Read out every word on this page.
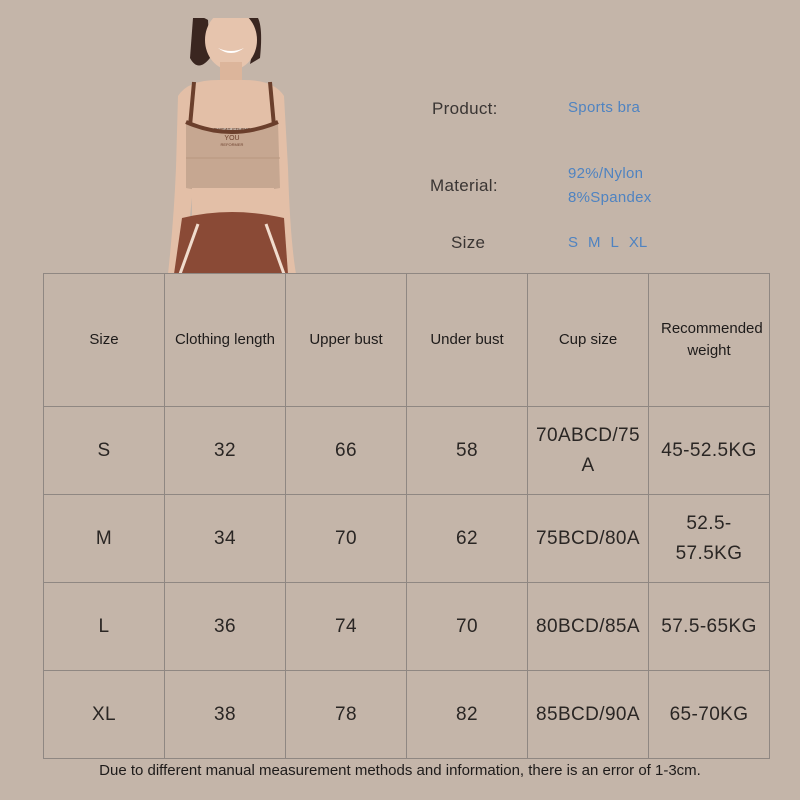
SWEAT STUDIO
YOU
REFORMER
Product:	Sports bra
Material:
92%/Nylon
8%Spandex
Size	S M L XL
Size	Clothing length	Upper bust	Under bust	Cup size	Recommended weight
S	32	66	58	70ABCD/75A	45-52.5KG
M	34	70	62	75BCD/80A	52.5-57.5KG
L	36	74	70	80BCD/85A	57.5-65KG
XL	38	78	82	85BCD/90A	65-70KG
Due to different manual measurement methods and information, there is an error of 1-3cm.
